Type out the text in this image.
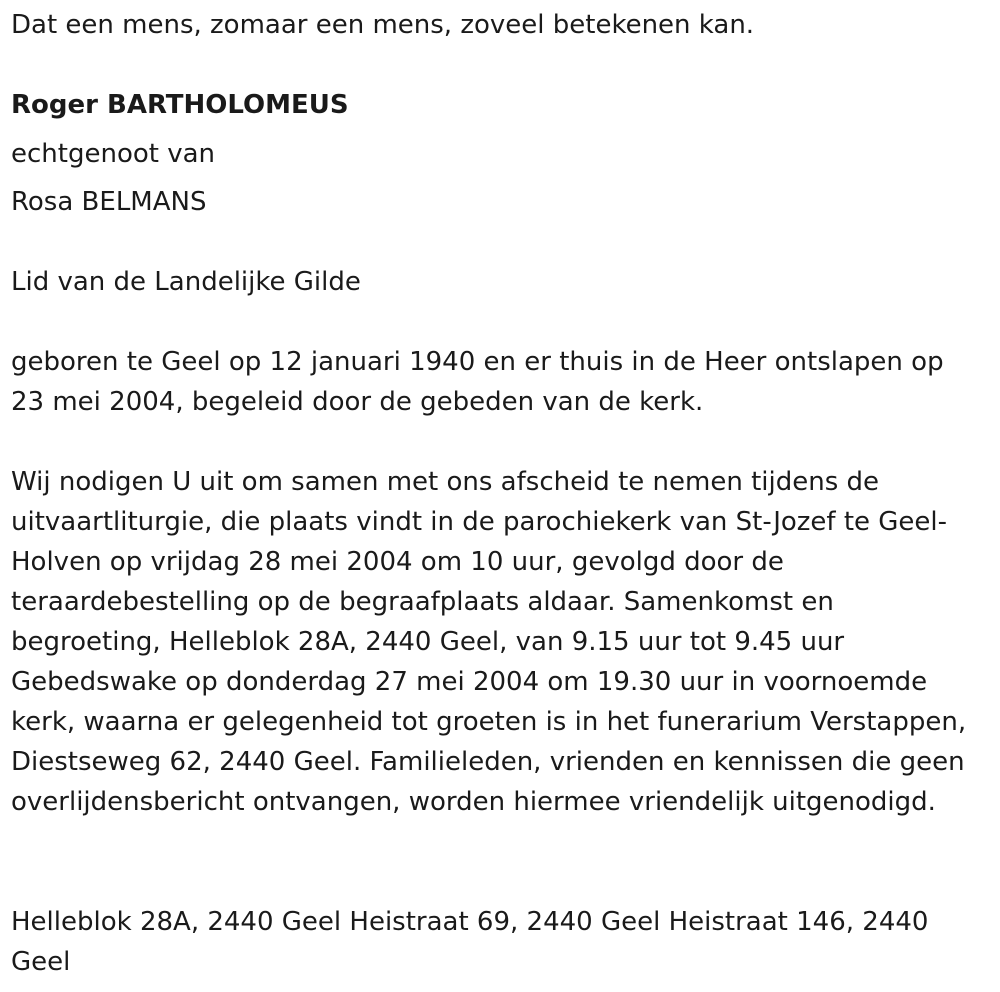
Dat een mens, zomaar een mens, zoveel betekenen kan.
Roger BARTHOLOMEUS
echtgenoot van
Rosa BELMANS
Lid van de Landelijke Gilde

geboren te Geel op 12 januari 1940 en er thuis in de Heer ontslapen op 23 mei 2004, begeleid door de gebeden van de kerk.

Wij nodigen U uit om samen met ons afscheid te nemen tijdens de uitvaartliturgie, die plaats vindt in de parochiekerk van St-Jozef te Geel-Holven op vrijdag 28 mei 2004 om 10 uur, gevolgd door de teraardebestelling op de begraafplaats aldaar. Samenkomst en begroeting, Helleblok 28A, 2440 Geel, van 9.15 uur tot 9.45 uur Gebedswake op donderdag 27 mei 2004 om 19.30 uur in voornoemde kerk, waarna er gelegenheid tot groeten is in het funerarium Verstappen, Diestseweg 62, 2440 Geel. Familieleden, vrienden en kennissen die geen overlijdensbericht ontvangen, worden hiermee vriendelijk uitgenodigd.

Helleblok 28A, 2440 Geel Heistraat 69, 2440 Geel Heistraat 146, 2440 Geel
